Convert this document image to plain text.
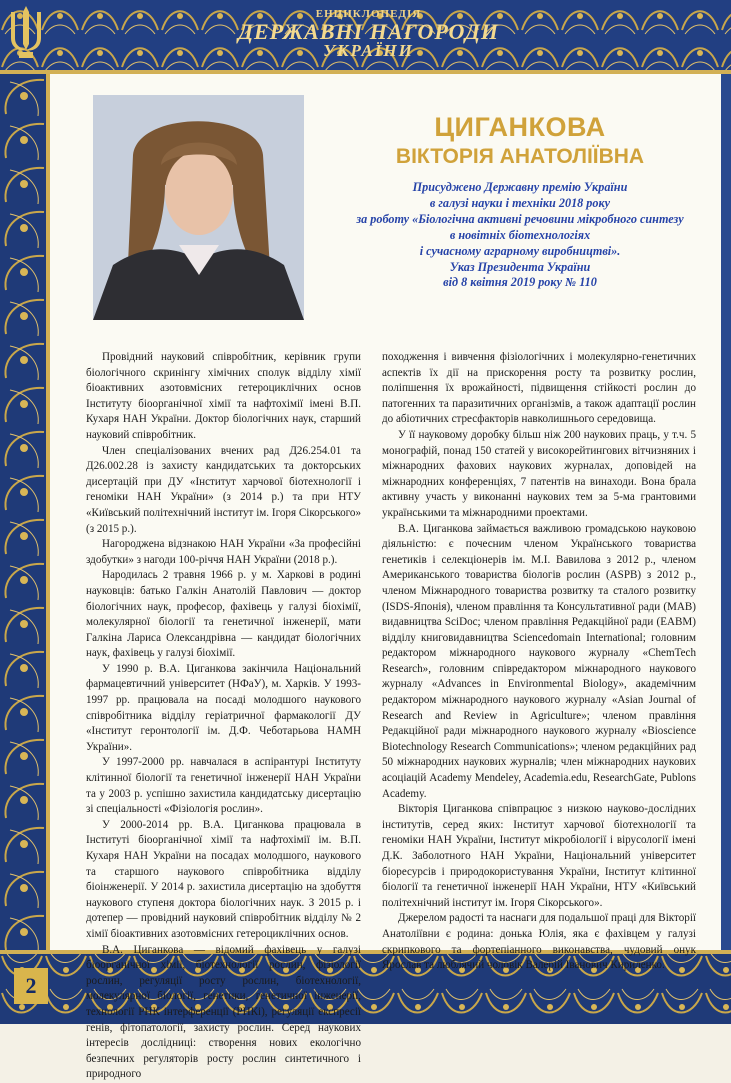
ЕНЦИКЛОПЕДІЯ
ДЕРЖАВНІ НАГОРОДИ
УКРАЇНИ
2
ЦИГАНКОВА
ВІКТОРІЯ АНАТОЛІЇВНА
Присуджено Державну премію України
в галузі науки і техніки 2018 року
за роботу «Біологічна активні речовини мікробного синтезу
в новітніх біотехнологіях
і сучасному аграрному виробництві».
Указ Президента України
від 8 квітня 2019 року № 110

Провідний науковий співробітник, керівник групи біологічного скринінгу хімічних сполук відділу хімії біоактивних азотовмісних гетероциклічних основ Інституту біоорганічної хімії та нафтохімії імені В.П. Кухаря НАН України. Доктор біологічних наук, старший науковий співробітник.

Член спеціалізованих вчених рад Д26.254.01 та Д26.002.28 із захисту кандидатських та докторських дисертацій при ДУ «Інститут харчової біотехнології і геноміки НАН України» (з 2014 р.) та при НТУ «Київський політехнічний інститут ім. Ігоря Сікорського» (з 2015 р.).

Нагороджена відзнакою НАН України «За професійні здобутки» з нагоди 100-річчя НАН України (2018 р.).

Народилась 2 травня 1966 р. у м. Харкові в родині науковців: батько Галкін Анатолій Павлович — доктор біологічних наук, професор, фахівець у галузі біохімії, молекулярної біології та генетичної інженерії, мати Галкіна Лариса Олександрівна — кандидат біологічних наук, фахівець у галузі біохімії.

У 1990 р. В.А. Циганкова закінчила Національний фармацевтичний університет (НФаУ), м. Харків. У 1993-1997 рр. працювала на посаді молодшого наукового співробітника відділу геріатричної фармакології ДУ «Інститут геронтології ім. Д.Ф. Чеботарьова НАМН України».

У 1997-2000 рр. навчалася в аспірантурі Інституту клітинної біології та генетичної інженерії НАН України та у 2003 р. успішно захистила кандидатську дисертацію зі спеціальності «Фізіологія рослин».

У 2000-2014 рр. В.А. Циганкова працювала в Інституті біоорганічної хімії та нафтохімії ім. В.П. Кухаря НАН України на посадах молодшого, наукового та старшого наукового співробітника відділу біоінженерії. У 2014 р. захистила дисертацію на здобуття наукового ступеня доктора біологічних наук. З 2015 р. і дотепер — провідний науковий співробітник відділу № 2 хімії біоактивних азотовмісних гетероциклічних основ.

В.А. Циганкова — відомий фахівець у галузі біоорганічної хімії, біотехнології рослин, фізіології рослин, регуляції росту рослин, біотехнології, молекулярної біології, генетики, генетичної інженерії, технології РНК інтерференції (РНКі), регуляції експресії генів, фітопатології, захисту рослин. Серед наукових інтересів дослідниці: створення нових екологічно безпечних регуляторів росту рослин синтетичного і природного

походження і вивчення фізіологічних і молекулярно-генетичних аспектів їх дії на прискорення росту та розвитку рослин, поліпшення їх врожайності, підвищення стійкості рослин до патогенних та паразитичних організмів, а також адаптації рослин до абіотичних стресфакторів навколишнього середовища.

У її науковому доробку більш ніж 200 наукових праць, у т.ч. 5 монографій, понад 150 статей у високорейтингових вітчизняних і міжнародних фахових наукових журналах, доповідей на міжнародних конференціях, 7 патентів на винаходи. Вона брала активну участь у виконанні наукових тем за 5-ма грантовими українськими та міжнародними проектами.

В.А. Циганкова займається важливою громадською науковою діяльністю: є почесним членом Українського товариства генетиків і селекціонерів ім. М.І. Вавилова з 2012 р., членом Американського товариства біологів рослин (ASPB) з 2012 р., членом Міжнародного товариства розвитку та сталого розвитку (ISDS-Японія), членом правління та Консультативної ради (MAB) видавництва SciDoc; членом правління Редакційної ради (EABM) відділу книговидавництва Sciencedomain International; головним редактором міжнародного наукового журналу «ChemTech Research», головним співредактором міжнародного наукового журналу «Advances in Environmental Biology», академічним редактором міжнародного наукового журналу «Asian Journal of Research and Review in Agriculture»; членом правління Редакційної ради міжнародного наукового журналу «Bioscience Biotechnology Research Communications»; членом редакційних рад 50 міжнародних наукових журналів; член міжнародних наукових асоціацій Academy Mendeley, Academia.edu, ResearchGate, Publons Academy.

Вікторія Циганкова співпрацює з низкою науково-дослідних інститутів, серед яких: Інститут харчової біотехнології та геноміки НАН України, Інститут мікробіології і вірусології імені Д.К. Заболотного НАН України, Національний університет біоресурсів і природокористування України, Інститут клітинної біології та генетичної інженерії НАН України, НТУ «Київський політехнічний інститут ім. Ігоря Сікорського».

Джерелом радості та наснаги для подальшої праці для Вікторії Анатоліївни є родина: донька Юлія, яка є фахівцем у галузі скрипкового та фортепіанного виконавства, чудовий онук Ярослав та люблячий чоловік Валерій Іванович Кириленко.
